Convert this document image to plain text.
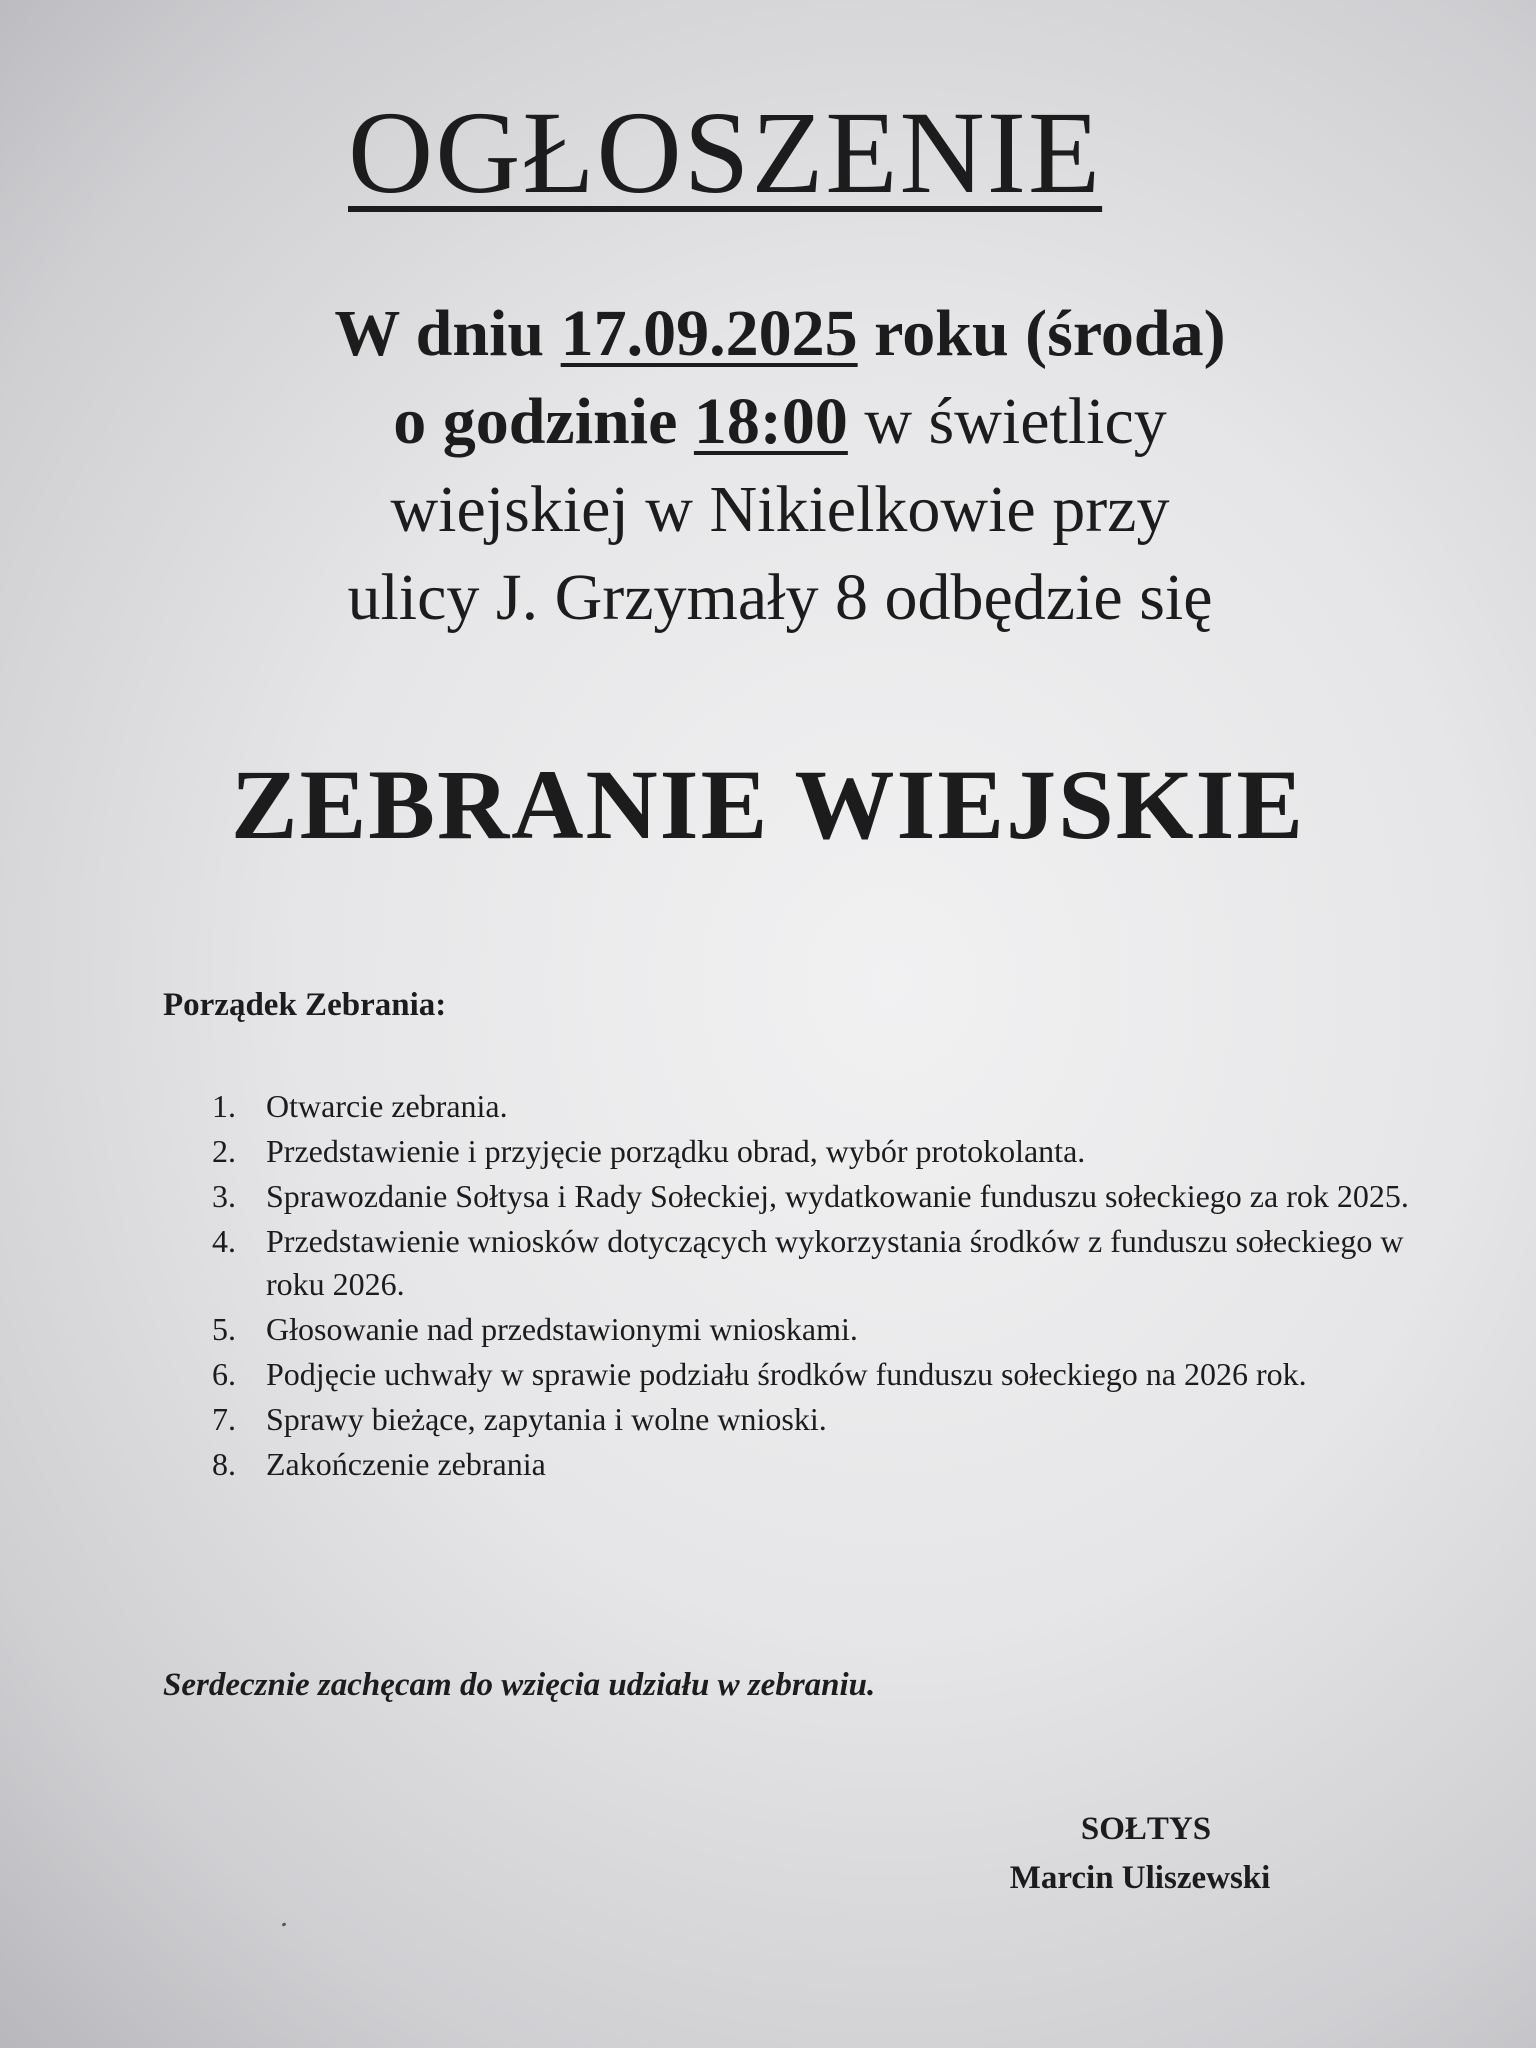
OGŁOSZENIE
W dniu 17.09.2025 roku (środa)
o godzinie 18:00 w świetlicy
wiejskiej w Nikielkowie przy
ulicy J. Grzymały 8 odbędzie się
ZEBRANIE WIEJSKIE
Porządek Zebrania:
1. Otwarcie zebrania.
2. Przedstawienie i przyjęcie porządku obrad, wybór protokolanta.
3. Sprawozdanie Sołtysa i Rady Sołeckiej, wydatkowanie funduszu sołeckiego za rok 2025.
4. Przedstawienie wniosków dotyczących wykorzystania środków z funduszu sołeckiego w roku 2026.
5. Głosowanie nad przedstawionymi wnioskami.
6. Podjęcie uchwały w sprawie podziału środków funduszu sołeckiego na 2026 rok.
7. Sprawy bieżące, zapytania i wolne wnioski.
8. Zakończenie zebrania
Serdecznie zachęcam do wzięcia udziału w zebraniu.
SOŁTYS
Marcin Uliszewski
